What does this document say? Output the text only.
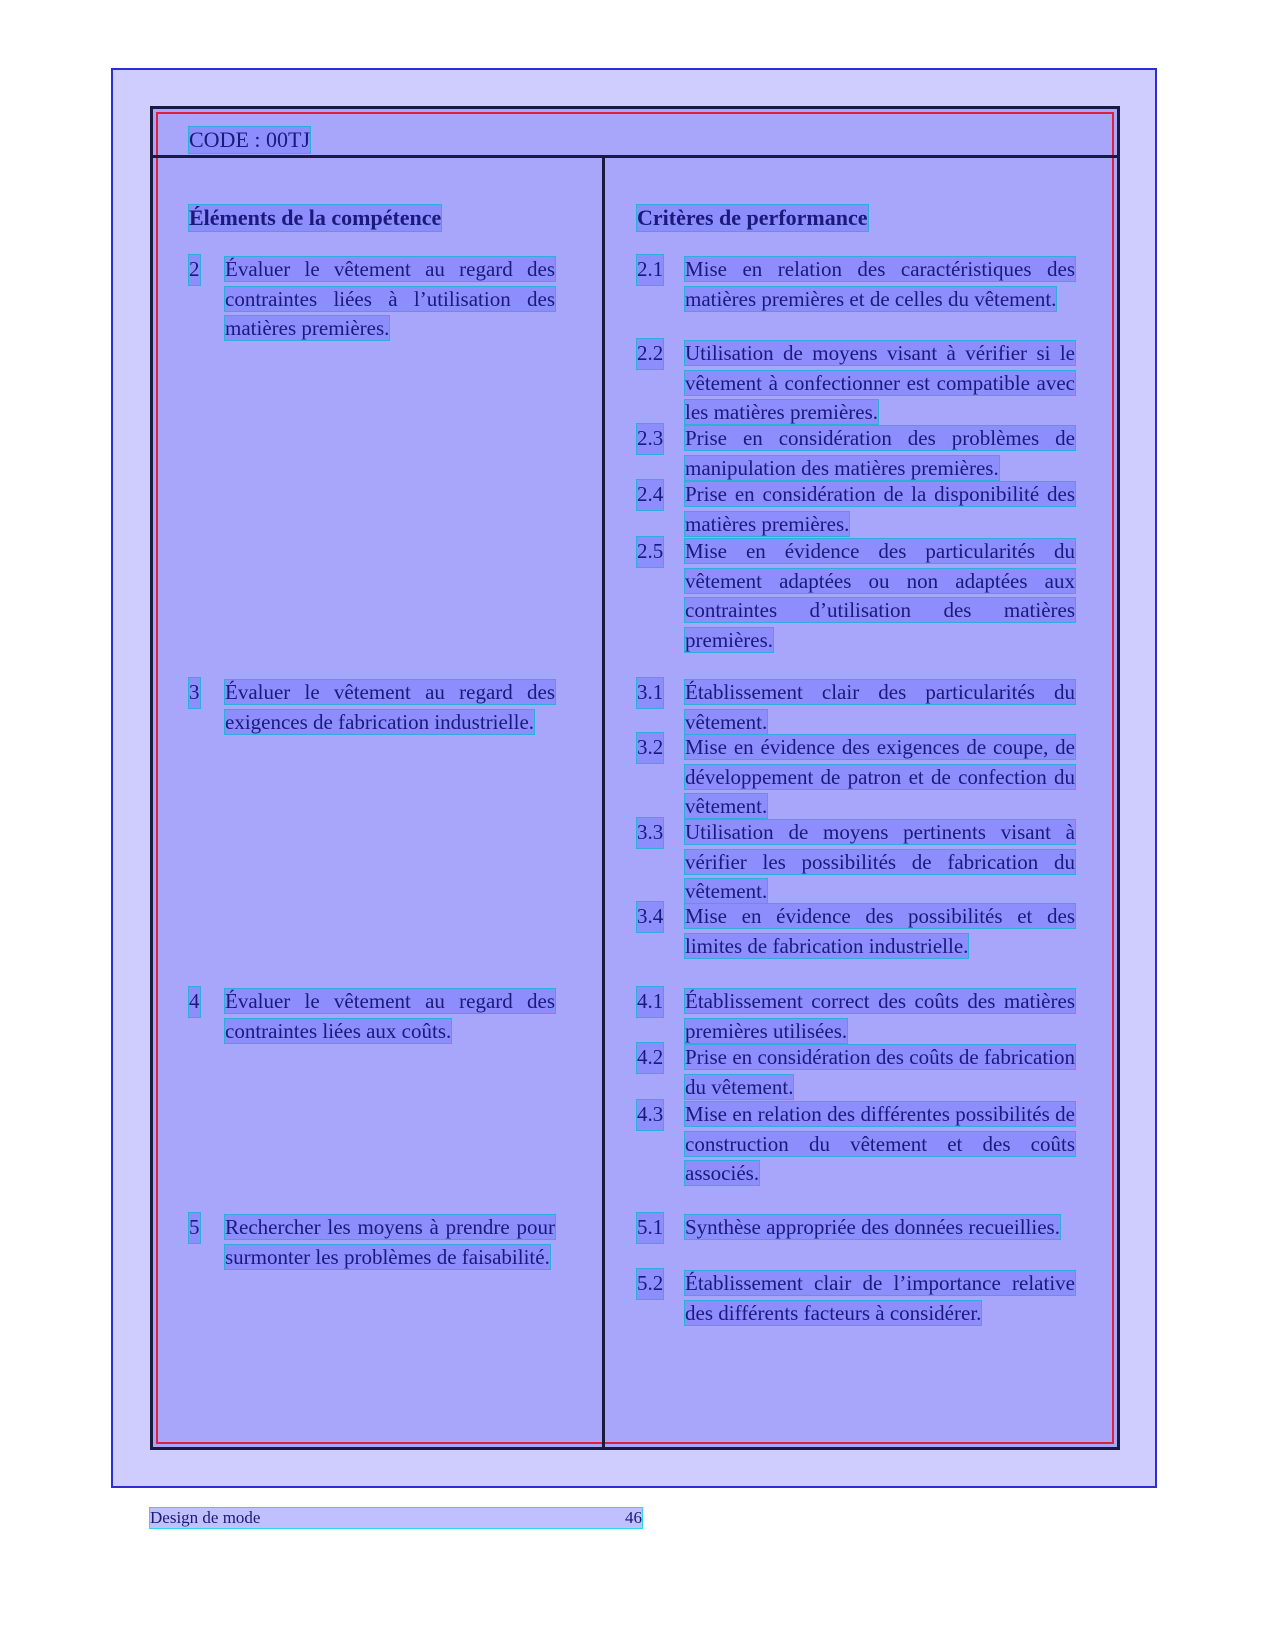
CODE : 00TJ
Éléments de la compétence	Critères de performance
2 Évaluer le vêtement au regard des contraintes liées à l’utilisation des matières premières.
3 Évaluer le vêtement au regard des exigences de fabrication industrielle.
4 Évaluer le vêtement au regard des contraintes liées aux coûts.
5 Rechercher les moyens à prendre pour surmonter les problèmes de faisabilité.
2.1 Mise en relation des caractéristiques des matières premières et de celles du vêtement.
2.2 Utilisation de moyens visant à vérifier si le vêtement à confectionner est compatible avec les matières premières.
2.3 Prise en considération des problèmes de manipulation des matières premières.
2.4 Prise en considération de la disponibilité des matières premières.
2.5 Mise en évidence des particularités du vêtement adaptées ou non adaptées aux contraintes d’utilisation des matières premières.
3.1 Établissement clair des particularités du vêtement.
3.2 Mise en évidence des exigences de coupe, de développement de patron et de confection du vêtement.
3.3 Utilisation de moyens pertinents visant à vérifier les possibilités de fabrication du vêtement.
3.4 Mise en évidence des possibilités et des limites de fabrication industrielle.
4.1 Établissement correct des coûts des matières premières utilisées.
4.2 Prise en considération des coûts de fabrication du vêtement.
4.3 Mise en relation des différentes possibilités de construction du vêtement et des coûts associés.
5.1 Synthèse appropriée des données recueillies.
5.2 Établissement clair de l’importance relative des différents facteurs à considérer.
Design de mode	46
